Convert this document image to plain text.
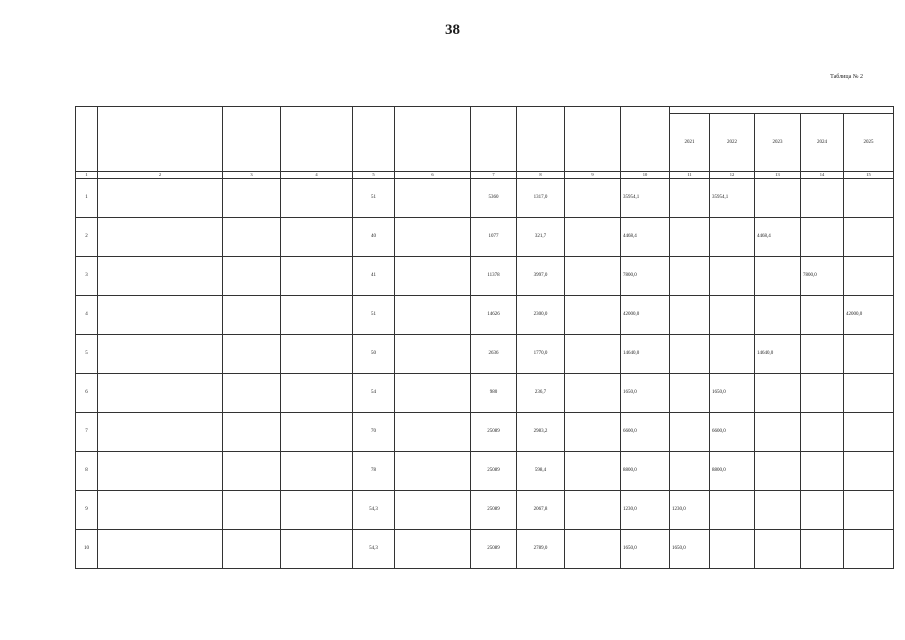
38
Таблица № 2

										2021	2022	2023	2024	2025
1	2	3	4	5	6	7	8	9	10	11	12	13	14	15
1				51		5360	1317,0		35954,1		35954,1			
2				40		1077	321,7		4468,4			4468,4		
3				41		11378	3997,0		7800,0				7800,0	
4				51		14626	2300,0		42000,0					42000,0
5				50		2636	1770,0		14640,0			14640,0		
6				54		980	236,7		1650,0		1650,0			
7				70		25089	2983,2		6600,0		6600,0			
8				78		25089	598,4		8800,0		8800,0			
9				54,3		25089	2067,8		1230,0	1230,0				
10				54,3		25089	2789,0		1650,0	1650,0				
